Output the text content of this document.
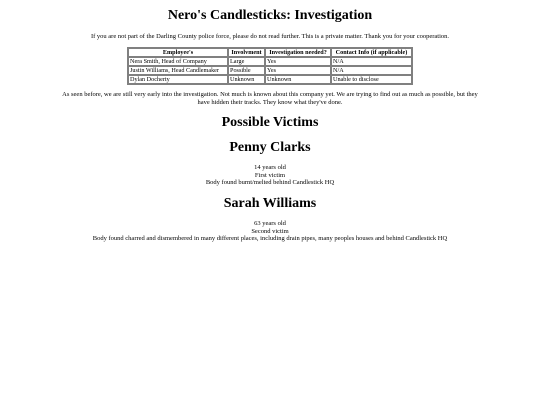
Nero's Candlesticks: Investigation
If you are not part of the Darling County police force, please do not read further. This is a private matter. Thank you for your cooperation.
Employee's	Involvment	Investigation needed?	Contact Info (if applicable)
Nera Smith, Head of Company	Large	Yes	N/A
Justin Williams, Head Candlemaker	Possible	Yes	N/A
Dylan Docherty	Unknown	Unknown	Unable to disclose
As seen before, we are still very early into the investigation. Not much is known about this company yet. We are trying to find out as much as possible, but they have hidden their tracks. They know what they've done.
Possible Victims
Penny Clarks
14 years old
First victim
Body found burnt/melted behind Candlestick HQ
Sarah Williams
63 years old
Second victim
Body found charred and dismembered in many different places, including drain pipes, many peoples houses and behind Candlestick HQ
